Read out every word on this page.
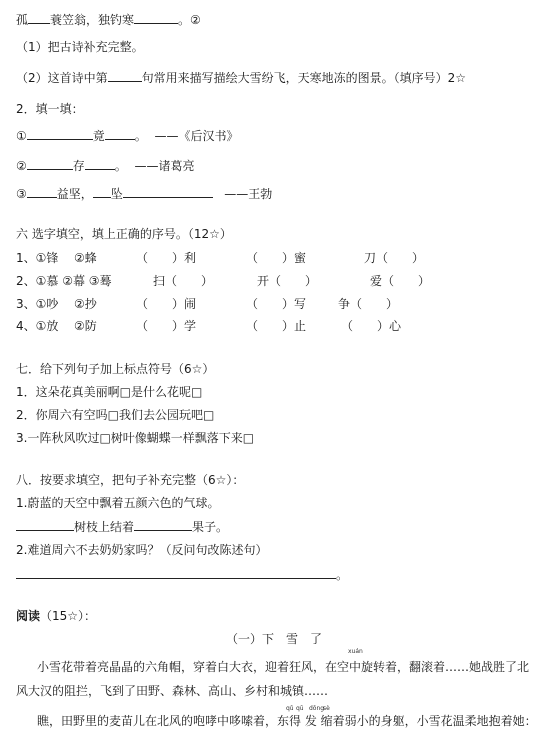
孤 蓑笠翁，独钓寒	。②
（1）把古诗补充完整。
（2）这首诗中第	句常用来描写描绘大雪纷飞，天寒地冻的图景。（填序号）2☆
2．填一填：
①	竟	。 ——《后汉书》
②	存	。 ——诸葛亮
③	益坚， 坠	——王勃
六 选字填空，填上正确的序号。（12☆）
1、①锋 ②蜂	（　　）利	（　　）蜜	刀（　　）
2、①慕 ②幕 ③蓦	扫（　　）	开（　　）	爱（　　）
3、①吵 ②抄	（　　）闹	（　　）写	争（　　）
4、①放 ②防	（　　）学	（　　）止	（　　）心
七．给下列句子加上标点符号（6☆）
1．这朵花真美丽啊□是什么花呢□
2．你周六有空吗□我们去公园玩吧□
3.一阵秋风吹过□树叶像蝴蝶一样飘落下来□
八．按要求填空，把句子补充完整（6☆）：
1.蔚蓝的天空中飘着五颜六色的气球。
树枝上结着	果子。
2.难道周六不去奶奶家吗？（反问句改陈述句）
。
阅读（15☆）：
（一）下　雪　了
xuán
小雪花带着亮晶晶的六角帽，穿着白大衣，迎着狂风，在空中旋转着，翻滚着……她战胜了北
风大汉的阻拦，飞到了田野、森林、高山、乡村和城镇……
qǔ qū dōng
sè
瞧，田野里的麦苗儿在北风的咆哮中哆嗦着，东得 发 缩着弱小的身躯，小雪花温柔地抱着她：
